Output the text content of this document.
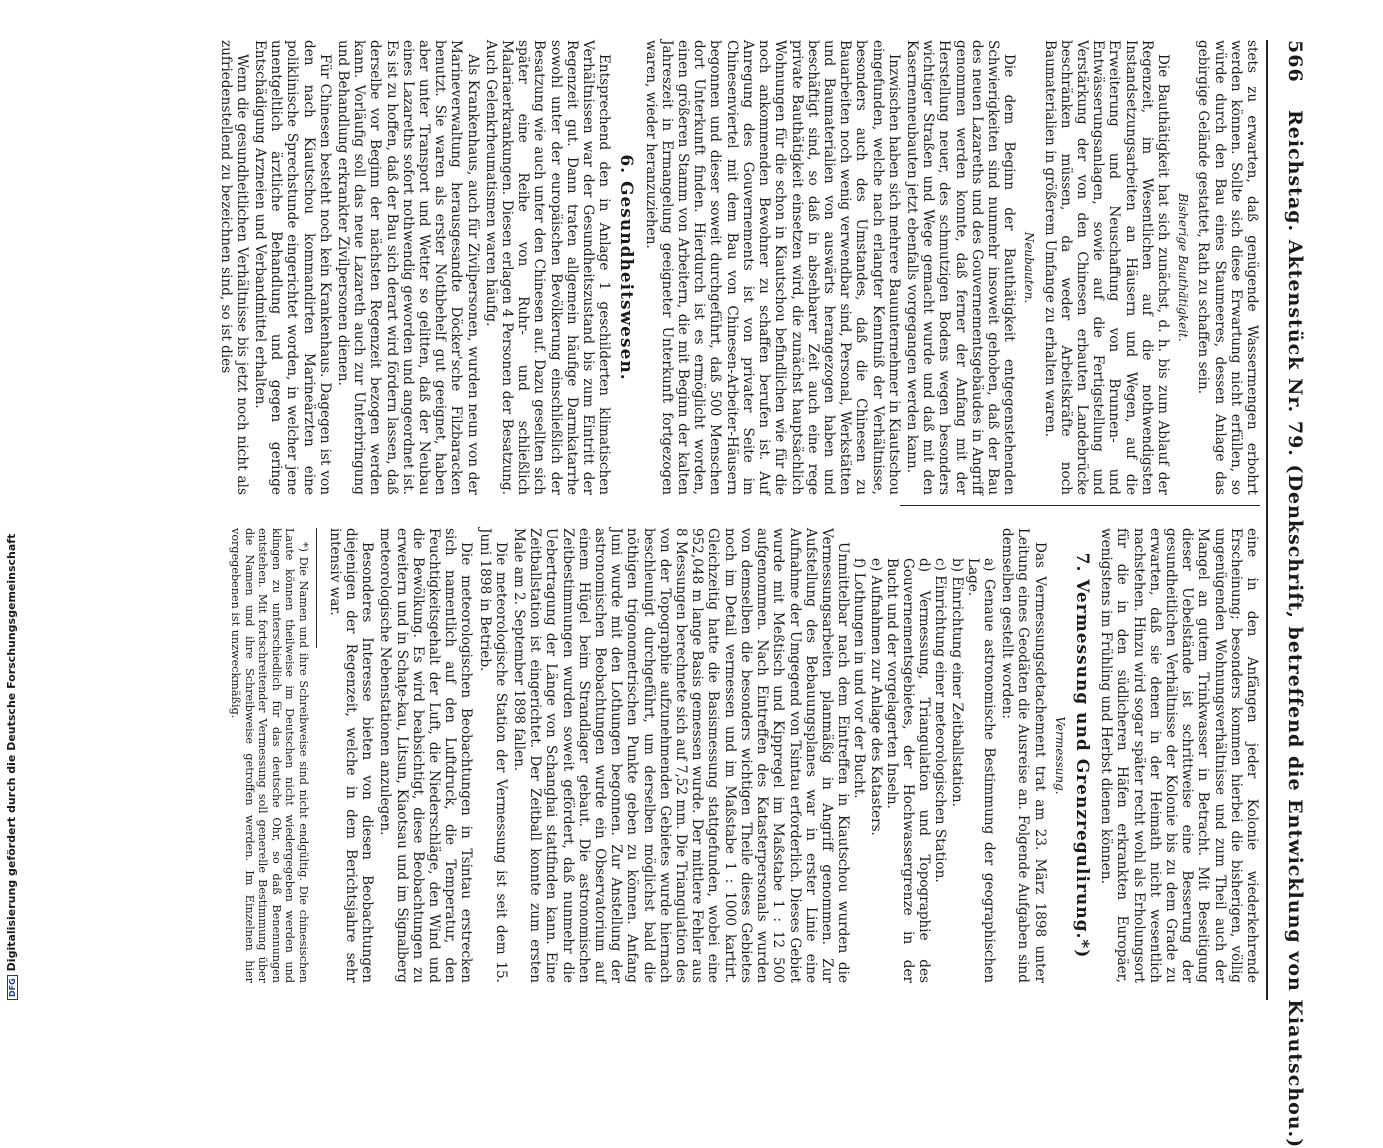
566
Reichstag. Aktenstück Nr. 79. (Denkschrift, betreffend die Entwicklung von Kiautschou.)

stets zu erwarten, daß genügende Wassermengen erbohrt werden können. Sollte sich diese Erwartung nicht erfüllen, so würde durch den Bau eines Staumeeres, dessen Anlage das gebirgige Gelände gestattet, Rath zu schaffen sein.

Bisherige Bauthätigkeit.

Die Bauthätigkeit hat sich zunächst, d. h. bis zum Ablauf der Regenzeit, im Wesentlichen auf die nothwendigsten Instandsetzungsarbeiten an Häusern und Wegen, auf die Erweiterung und Neuschaffung von Brunnen- und Entwässerungsanlagen, sowie auf die Fertigstellung und Verstärkung der von den Chinesen erbauten Landebrücke beschränken müssen, da weder Arbeitskräfte noch Baumaterialien in größerem Umfange zu erhalten waren.

Neubauten.

Die dem Beginn der Bauthätigkeit entgegenstehenden Schwierigkeiten sind nunmehr insoweit gehoben, daß der Bau des neuen Lazareths und des Gouvernementsgebäudes in Angriff genommen werden konnte, daß ferner der Anfang mit der Herstellung neuer, des schmutzigen Bodens wegen besonders wichtiger Straßen und Wege gemacht wurde und daß mit den Kasernenneubauten jetzt ebenfalls vorgegangen werden kann.

Inzwischen haben sich mehrere Bauunternehmer in Kiautschou eingefunden, welche nach erlangter Kenntniß der Verhältnisse, besonders auch des Umstandes, daß die Chinesen zu Bauarbeiten noch wenig verwendbar sind, Personal, Werkstätten und Baumaterialien von auswärts herangezogen haben und beschäftigt sind, so daß in absehbarer Zeit auch eine rege private Bauthätigkeit einsetzen wird, die zunächst hauptsächlich Wohnungen für die schon in Kiautschou befindlichen wie für die noch ankommenden Bewohner zu schaffen berufen ist. Auf Anregung des Gouvernements ist von privater Seite im Chinesenviertel mit dem Bau von Chinesen-Arbeiter-Häusern begonnen und dieser soweit durchgeführt, daß 500 Menschen dort Unterkunft finden. Hierdurch ist es ermöglicht worden, einen größeren Stamm von Arbeitern, die mit Beginn der kalten Jahreszeit in Ermangelung geeigneter Unterkunft fortgezogen waren, wieder heranzuziehen.

6. Gesundheitswesen.

Entsprechend den in Anlage 1 geschilderten klimatischen Verhältnissen war der Gesundheitszustand bis zum Eintritt der Regenzeit gut. Dann traten allgemein häufige Darmkatarrhe sowohl unter der europäischen Bevölkerung einschließlich der Besatzung wie auch unter den Chinesen auf. Dazu gesellten sich später eine Reihe von Ruhr- und schließlich Malariaerkrankungen. Diesen erlagen 4 Personen der Besatzung. Auch Gelenkrheumatismen waren häufig.

Als Krankenhaus, auch für Zivilpersonen, wurden neun von der Marineverwaltung herausgesandte Döcker'sche Filzbaracken benutzt. Sie waren als erster Nothbehelf gut geeignet, haben aber unter Transport und Wetter so gelitten, daß der Neubau eines Lazareths sofort nothwendig geworden und angeordnet ist. Es ist zu hoffen, daß der Bau sich derart wird fördern lassen, daß derselbe vor Beginn der nächsten Regenzeit bezogen werden kann. Vorläufig soll das neue Lazareth auch zur Unterbringung und Behandlung erkrankter Zivilpersonen dienen.

Für Chinesen besteht noch kein Krankenhaus. Dagegen ist von den nach Kiautschou kommandirten Marineärzten eine poliklinische Sprechstunde eingerichtet worden, in welcher jene unentgeltlich ärztliche Behandlung und gegen geringe Entschädigung Arzneien und Verbandmittel erhalten.

Wenn die gesundheitlichen Verhältnisse bis jetzt noch nicht als zufriedenstellend zu bezeichnen sind, so ist dies

eine in den Anfängen jeder Kolonie wiederkehrende Erscheinung; besonders kommen hierbei die bisherigen, völlig ungenügenden Wohnungsverhältnisse und zum Theil auch der Mangel an gutem Trinkwasser in Betracht. Mit Beseitigung dieser Uebelstände ist schrittweise eine Besserung der gesundheitlichen Verhältnisse der Kolonie bis zu dem Grade zu erwarten, daß sie denen in der Heimath nicht wesentlich nachstehen. Hinzu wird sogar später recht wohl als Erholungsort für die in den südlicheren Häfen erkrankten Europäer, wenigstens im Frühling und Herbst dienen können.

7. Vermessung und Grenzregulirung.*)
Vermessung.

Das Vermessungsdetachement trat am 23. März 1898 unter Leitung eines Geodäten die Ausreise an. Folgende Aufgaben sind demselben gestellt worden:

a) Genaue astronomische Bestimmung der geographischen Lage.
b) Einrichtung einer Zeitballstation.
c) Einrichtung einer meteorologischen Station.
d) Vermessung, Triangulation und Topographie des Gouvernementsgebietes, der Hochwassergrenze in der Bucht und der vorgelagerten Inseln.
e) Aufnahmen zur Anlage des Katasters.
f) Lothungen in und vor der Bucht.

Unmittelbar nach dem Eintreffen in Kiautschou wurden die Vermessungsarbeiten planmäßig in Angriff genommen. Zur Aufstellung des Bebauungsplanes war in erster Linie eine Aufnahme der Umgegend von Tsintau erforderlich. Dieses Gebiet wurde mit Meßtisch und Kippregel im Maßstabe 1 : 12 500 aufgenommen. Nach Eintreffen des Katasterpersonals wurden von demselben die besonders wichtigen Theile dieses Gebietes noch im Detail vermessen und im Maßstabe 1 : 1000 kartirt. Gleichzeitig hatte die Basismessung stattgefunden, wobei eine 952,048 m lange Basis gemessen wurde. Der mittlere Fehler aus 8 Messungen berechnete sich auf 7,52 mm. Die Triangulation des von der Topographie aufzunehmenden Gebietes wurde hiernach beschleunigt durchgeführt, um derselben möglichst bald die nöthigen trigonometrischen Punkte geben zu können. Anfang Juni wurde mit den Lothungen begonnen. Zur Anstellung der astronomischen Beobachtungen wurde ein Observatorium auf einem Hügel beim Strandlager gebaut. Die astronomischen Zeitbestimmungen wurden soweit gefördert, daß nunmehr die Uebertragung der Länge von Schanghai stattfinden kann. Eine Zeitballstation ist eingerichtet. Der Zeitball konnte zum ersten Male am 2. September 1898 fallen.

Die meteorologische Station der Vermessung ist seit dem 15. Juni 1898 in Betrieb.

Die meteorologischen Beobachtungen in Tsintau erstrecken sich namentlich auf den Luftdruck, die Temperatur, den Feuchtigkeitsgehalt der Luft, die Niederschläge, den Wind und die Bewölkung. Es wird beabsichtigt, diese Beobachtungen zu erweitern und in Schaţe-kau, Litsun, Kiaotsau und im Signalberg meteorologische Nebenstationen anzulegen.

Besonderes Interesse bieten von diesen Beobachtungen diejenigen der Regenzeit, welche in dem Berichtsjahre sehr intensiv war.

*) Die Namen und ihre Schreibweise sind nicht endgültig. Die chinesischen Laute können theilweise im Deutschen nicht wiedergegeben werden und klingen zu unterschiedlich für das deutsche Ohr, so daß Benennungen entstehen. Mit fortschreitender Vermessung soll generelle Bestimmung über die Namen und ihre Schreibweise getroffen werden. Im Einzelnen hier vorgegebenen ist unzweckmäßig.

DFGDigitalisierung gefördert durch die Deutsche Forschungsgemeinschaft
